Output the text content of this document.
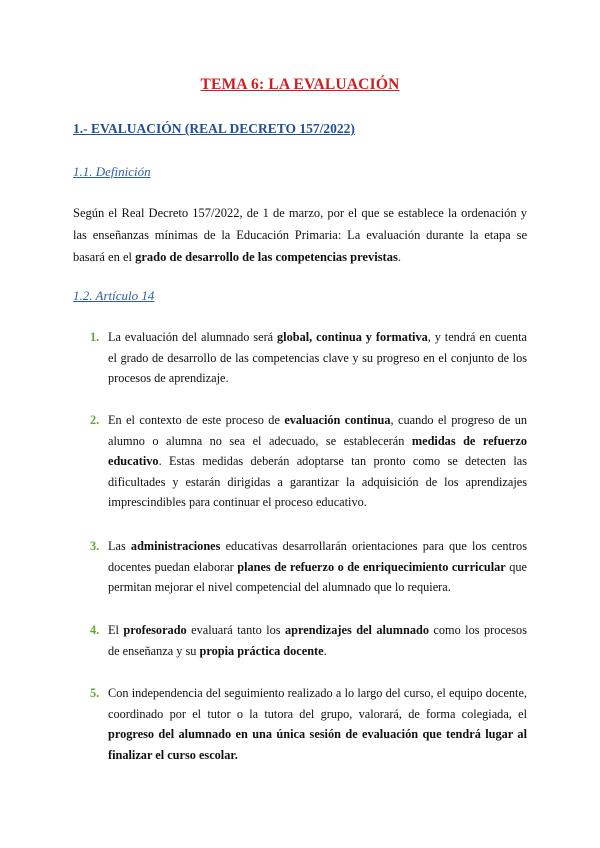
TEMA 6: LA EVALUACIÓN
1.- EVALUACIÓN (REAL DECRETO 157/2022)
1.1. Definición
Según el Real Decreto 157/2022, de 1 de marzo, por el que se establece la ordenación y las enseñanzas mínimas de la Educación Primaria: La evaluación durante la etapa se basará en el grado de desarrollo de las competencias previstas.
1.2. Artículo 14
1. La evaluación del alumnado será global, continua y formativa, y tendrá en cuenta el grado de desarrollo de las competencias clave y su progreso en el conjunto de los procesos de aprendizaje.
2. En el contexto de este proceso de evaluación continua, cuando el progreso de un alumno o alumna no sea el adecuado, se establecerán medidas de refuerzo educativo. Estas medidas deberán adoptarse tan pronto como se detecten las dificultades y estarán dirigidas a garantizar la adquisición de los aprendizajes imprescindibles para continuar el proceso educativo.
3. Las administraciones educativas desarrollarán orientaciones para que los centros docentes puedan elaborar planes de refuerzo o de enriquecimiento curricular que permitan mejorar el nivel competencial del alumnado que lo requiera.
4. El profesorado evaluará tanto los aprendizajes del alumnado como los procesos de enseñanza y su propia práctica docente.
5. Con independencia del seguimiento realizado a lo largo del curso, el equipo docente, coordinado por el tutor o la tutora del grupo, valorará, de forma colegiada, el progreso del alumnado en una única sesión de evaluación que tendrá lugar al finalizar el curso escolar.
